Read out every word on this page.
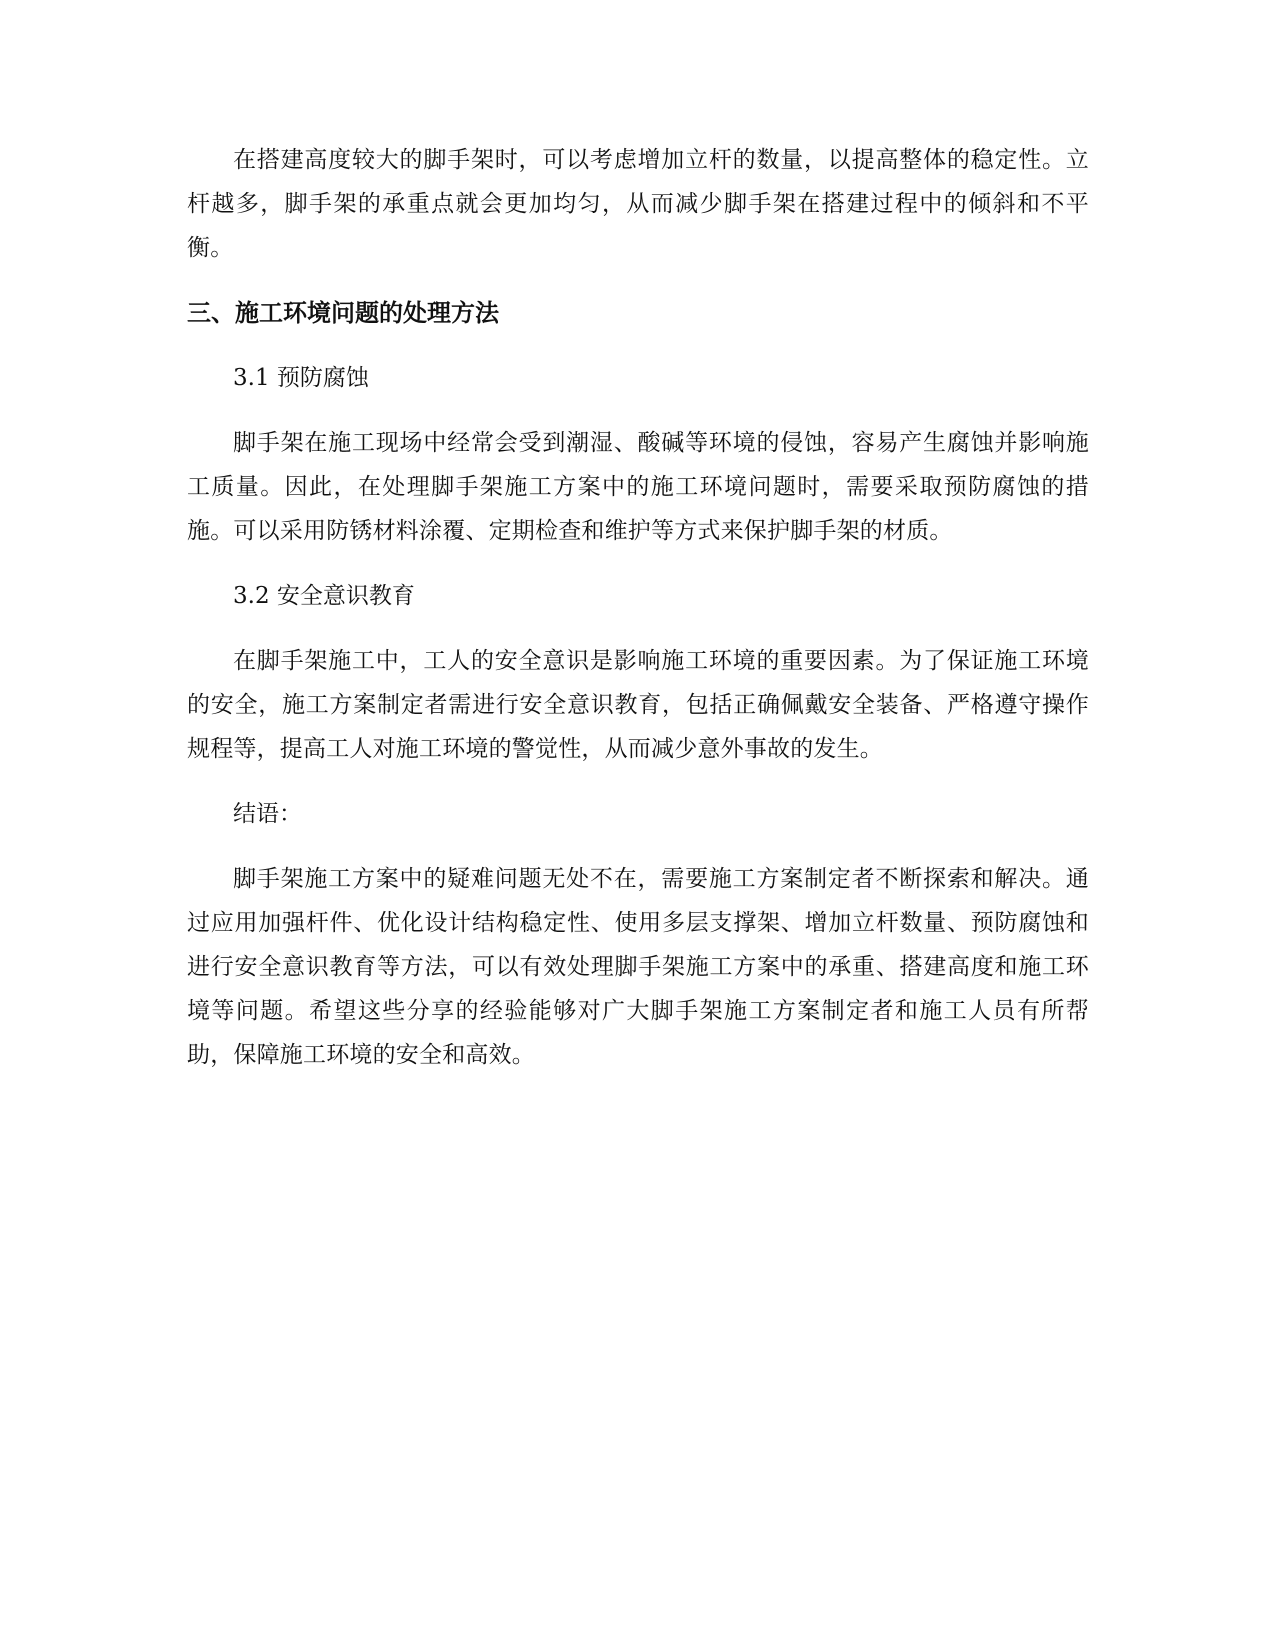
在搭建高度较大的脚手架时，可以考虑增加立杆的数量，以提高整体的稳定性。立杆越多，脚手架的承重点就会更加均匀，从而减少脚手架在搭建过程中的倾斜和不平衡。

三、施工环境问题的处理方法

3.1 预防腐蚀

脚手架在施工现场中经常会受到潮湿、酸碱等环境的侵蚀，容易产生腐蚀并影响施工质量。因此，在处理脚手架施工方案中的施工环境问题时，需要采取预防腐蚀的措施。可以采用防锈材料涂覆、定期检查和维护等方式来保护脚手架的材质。

3.2 安全意识教育

在脚手架施工中，工人的安全意识是影响施工环境的重要因素。为了保证施工环境的安全，施工方案制定者需进行安全意识教育，包括正确佩戴安全装备、严格遵守操作规程等，提高工人对施工环境的警觉性，从而减少意外事故的发生。

结语：

脚手架施工方案中的疑难问题无处不在，需要施工方案制定者不断探索和解决。通过应用加强杆件、优化设计结构稳定性、使用多层支撑架、增加立杆数量、预防腐蚀和进行安全意识教育等方法，可以有效处理脚手架施工方案中的承重、搭建高度和施工环境等问题。希望这些分享的经验能够对广大脚手架施工方案制定者和施工人员有所帮助，保障施工环境的安全和高效。
